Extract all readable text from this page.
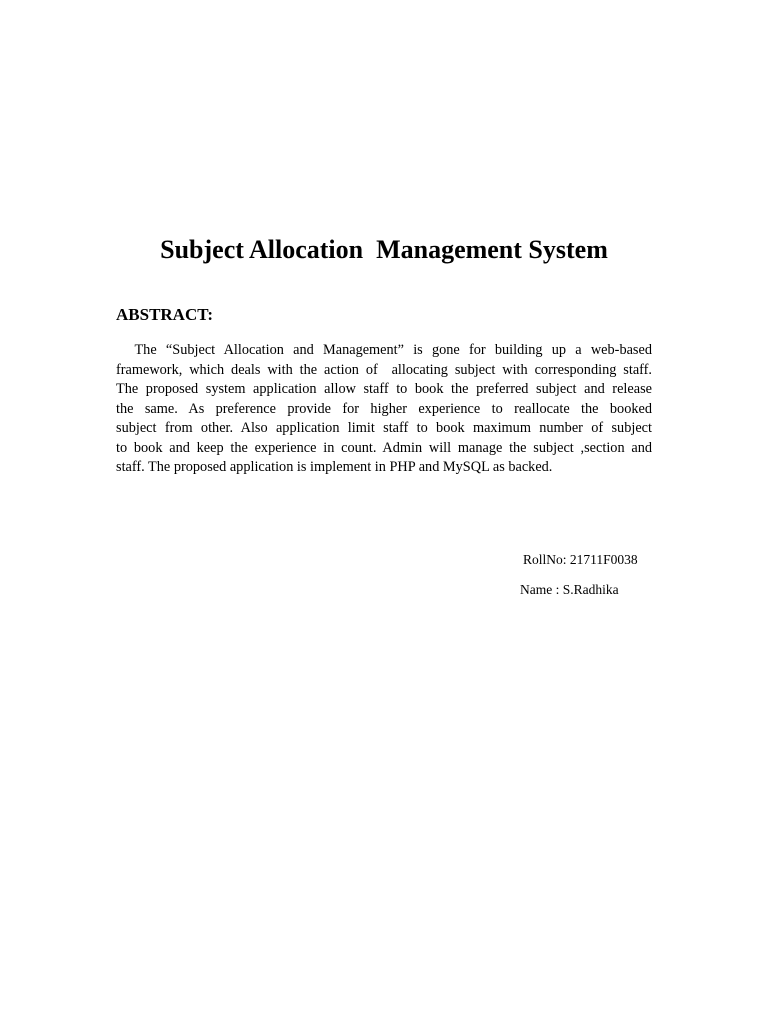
Subject Allocation  Management System
ABSTRACT:
The “Subject Allocation and Management” is gone for building up a web-based
framework, which deals with the action of  allocating subject with corresponding staff.
The proposed system application allow staff to book the preferred subject and release
the same. As preference provide for higher experience to reallocate the booked
subject from other. Also application limit staff to book maximum number of subject
to book and keep the experience in count. Admin will manage the subject ,section and
staff. The proposed application is implement in PHP and MySQL as backed.

RollNo: 21711F0038

Name : S.Radhika
